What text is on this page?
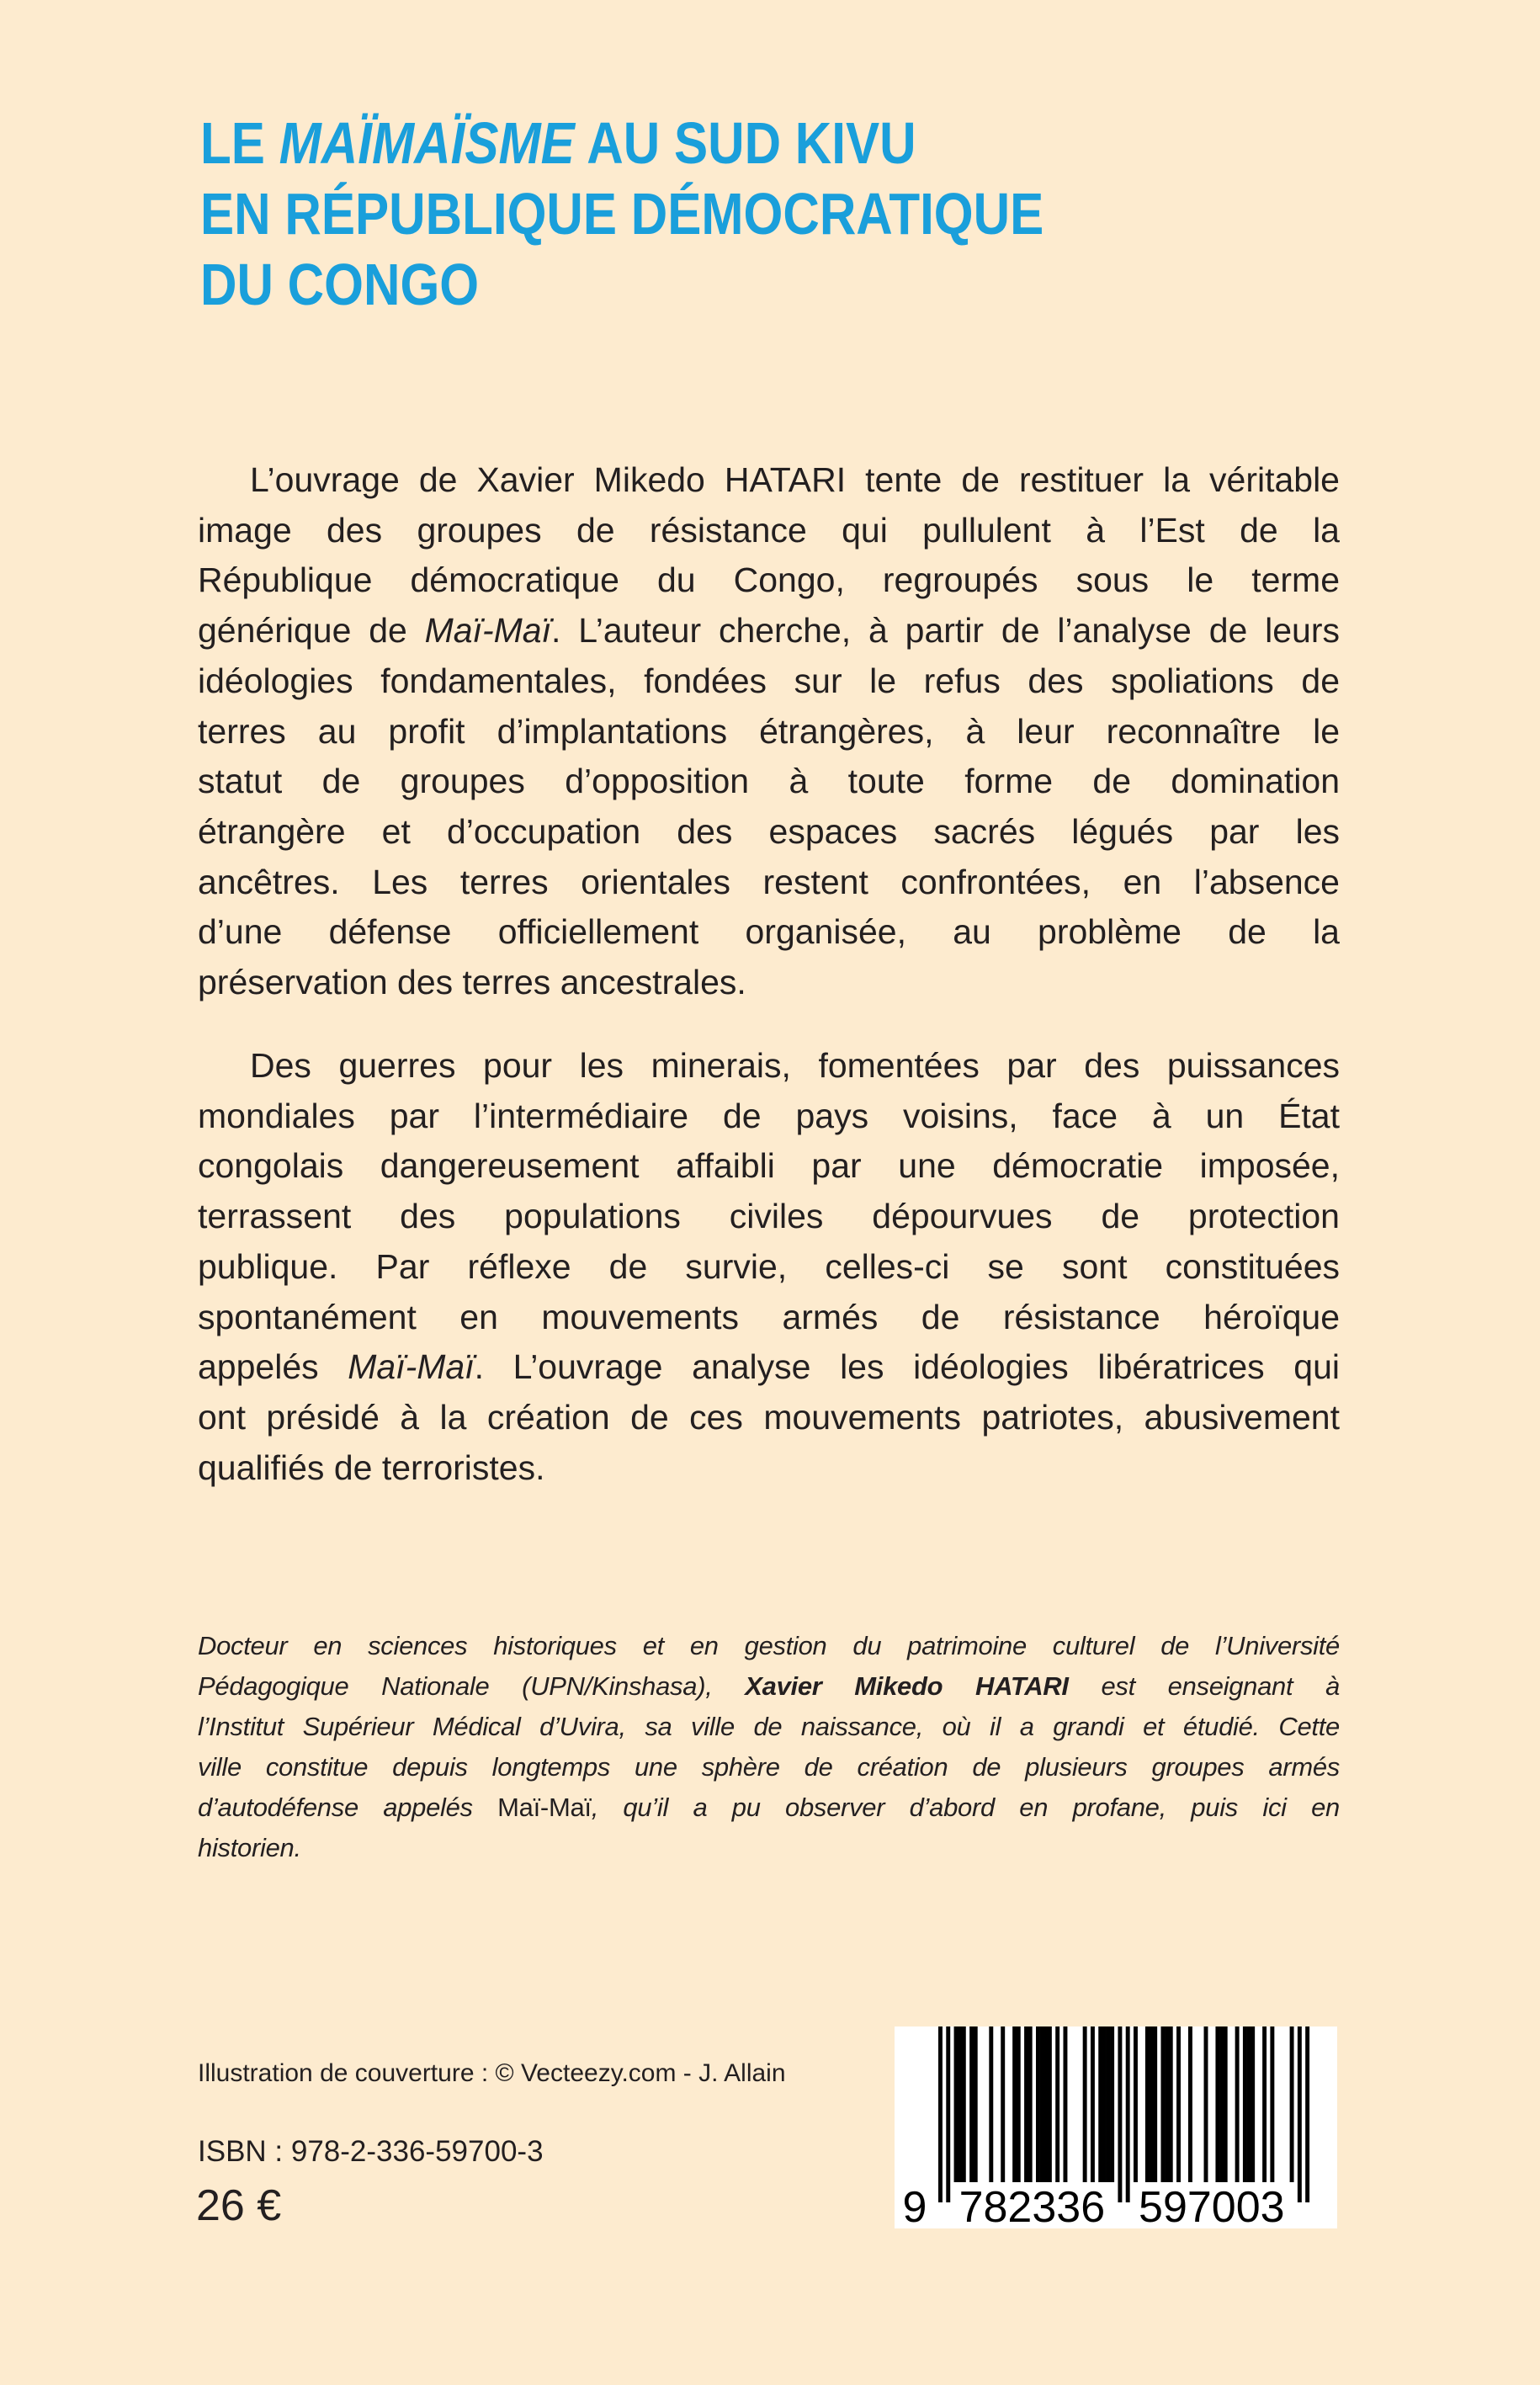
LE MAÏMAÏSME AU SUD KIVU
EN RÉPUBLIQUE DÉMOCRATIQUE
DU CONGO
L’ouvrage de Xavier Mikedo HATARI tente de restituer la véritable
image des groupes de résistance qui pullulent à l’Est de la
République démocratique du Congo, regroupés sous le terme
générique de Maï-Maï. L’auteur cherche, à partir de l’analyse de leurs
idéologies fondamentales, fondées sur le refus des spoliations de
terres au profit d’implantations étrangères, à leur reconnaître le
statut de groupes d’opposition à toute forme de domination
étrangère et d’occupation des espaces sacrés légués par les
ancêtres. Les terres orientales restent confrontées, en l’absence
d’une défense officiellement organisée, au problème de la
préservation des terres ancestrales.
Des guerres pour les minerais, fomentées par des puissances
mondiales par l’intermédiaire de pays voisins, face à un État
congolais dangereusement affaibli par une démocratie imposée,
terrassent des populations civiles dépourvues de protection
publique. Par réflexe de survie, celles-ci se sont constituées
spontanément en mouvements armés de résistance héroïque
appelés Maï-Maï. L’ouvrage analyse les idéologies libératrices qui
ont présidé à la création de ces mouvements patriotes, abusivement
qualifiés de terroristes.
Docteur en sciences historiques et en gestion du patrimoine culturel de l’Université
Pédagogique Nationale (UPN/Kinshasa), Xavier Mikedo HATARI est enseignant à
l’Institut Supérieur Médical d’Uvira, sa ville de naissance, où il a grandi et étudié. Cette
ville constitue depuis longtemps une sphère de création de plusieurs groupes armés
d’autodéfense appelés Maï-Maï, qu’il a pu observer d’abord en profane, puis ici en
historien.
Illustration de couverture : © Vecteezy.com - J. Allain
ISBN : 978-2-336-59700-3
26 €	9 782336 597003
